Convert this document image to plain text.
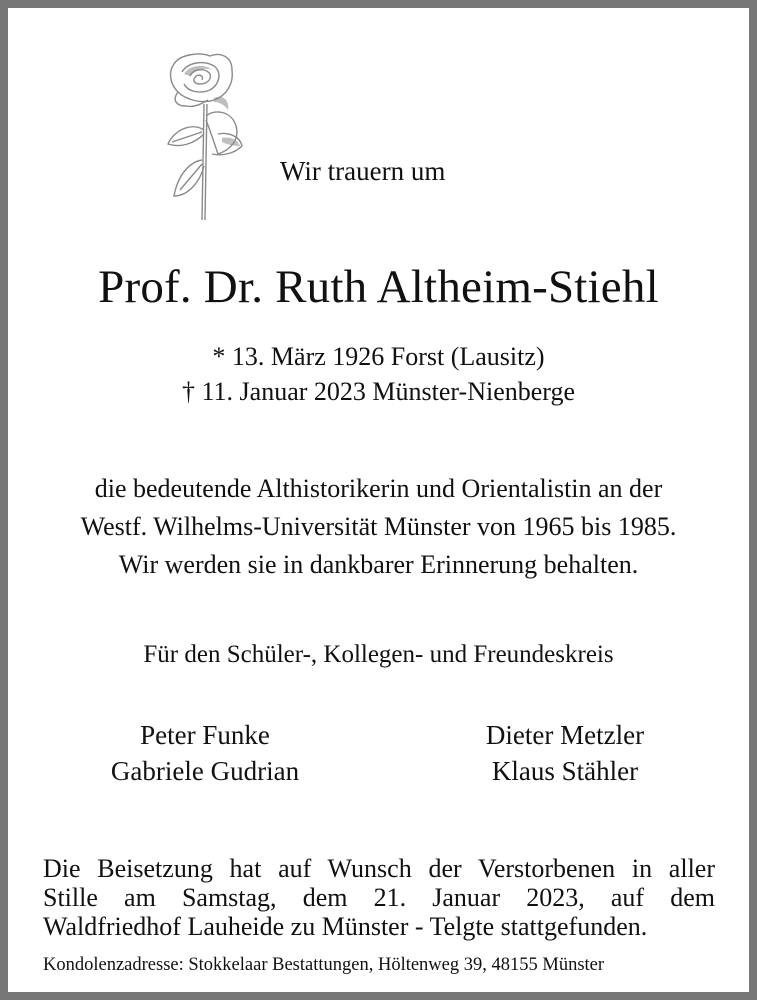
Wir trauern um
Prof. Dr. Ruth Altheim-Stiehl
* 13. März 1926 Forst (Lausitz)
† 11. Januar 2023 Münster-Nienberge
die bedeutende Althistorikerin und Orientalistin an der
Westf. Wilhelms-Universität Münster von 1965 bis 1985.
Wir werden sie in dankbarer Erinnerung behalten.
Für den Schüler-, Kollegen- und Freundeskreis
Peter Funke
Gabriele Gudrian
Dieter Metzler
Klaus Stähler
Die Beisetzung hat auf Wunsch der Verstorbenen in aller
Stille am Samstag, dem 21. Januar 2023, auf dem
Waldfriedhof Lauheide zu Münster - Telgte stattgefunden.
Kondolenzadresse: Stokkelaar Bestattungen, Höltenweg 39, 48155 Münster
